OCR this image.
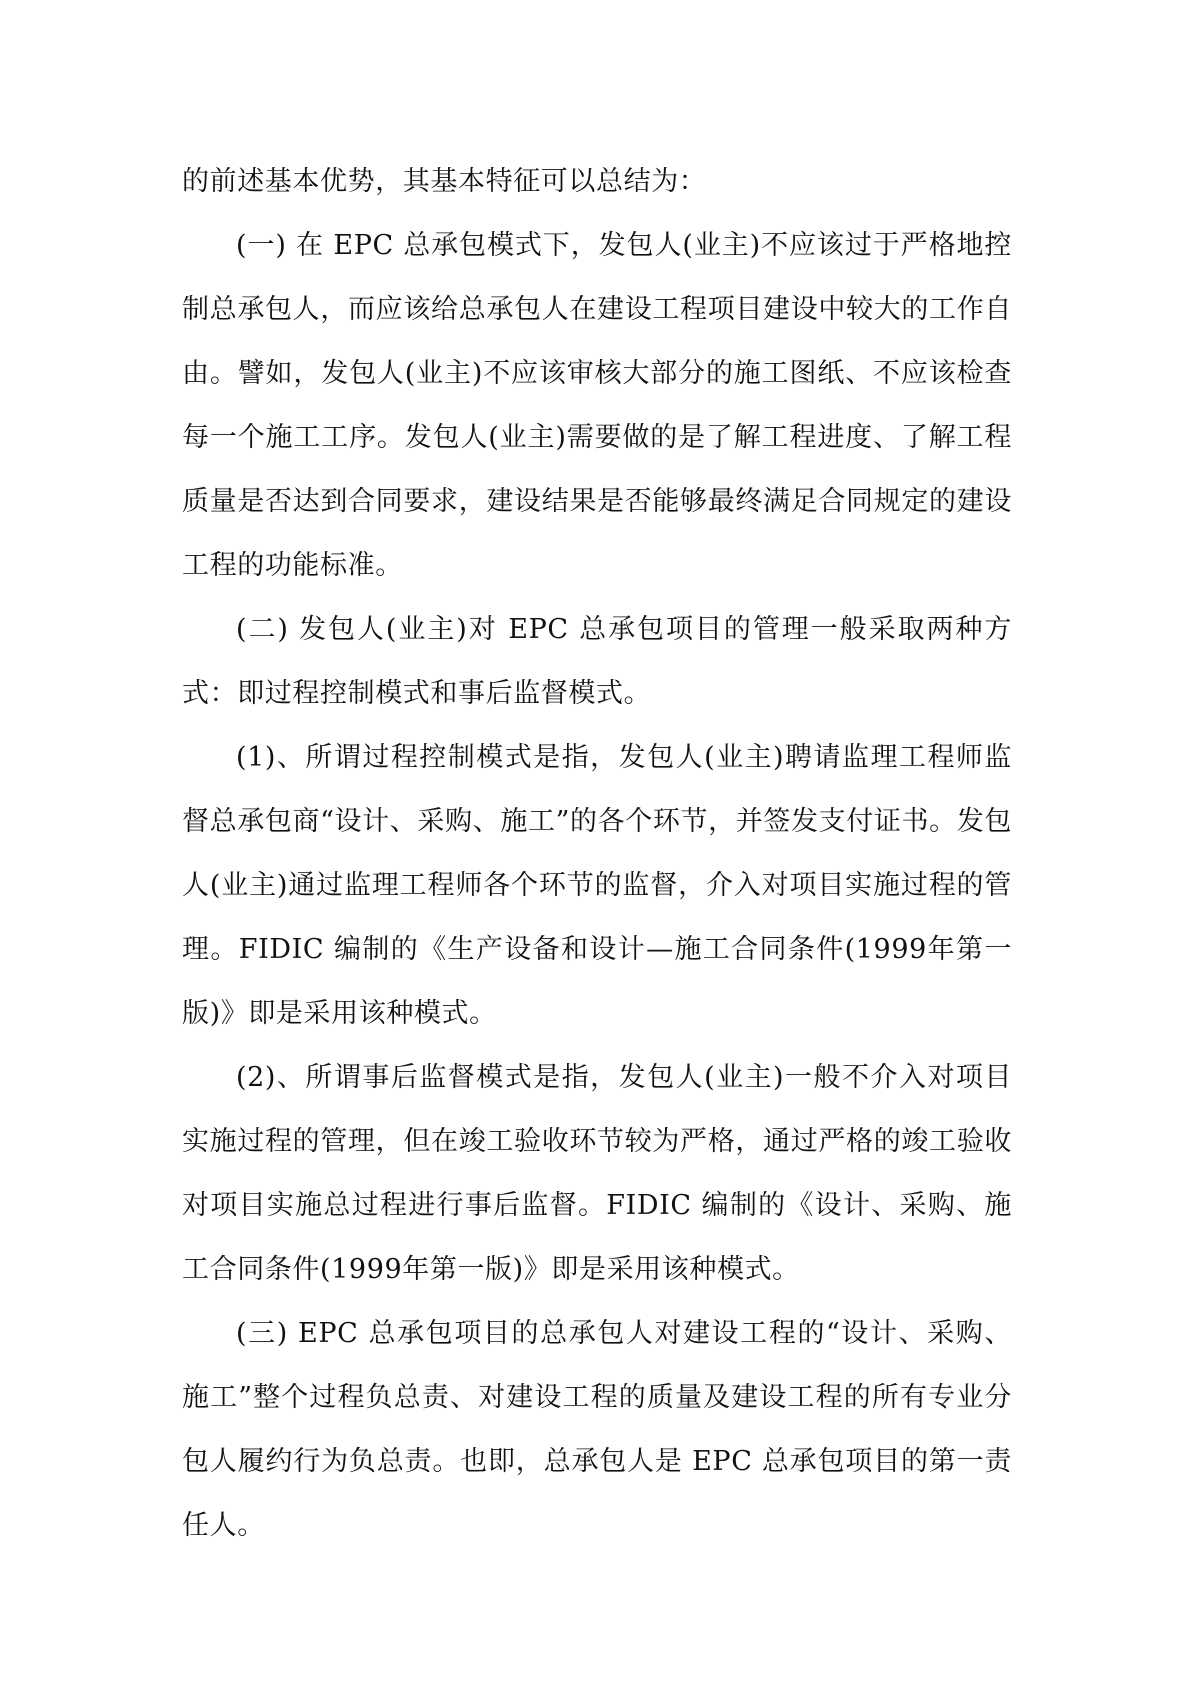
的前述基本优势，其基本特征可以总结为：

(一) 在 EPC 总承包模式下，发包人(业主)不应该过于严格地控制总承包人，而应该给总承包人在建设工程项目建设中较大的工作自由。譬如，发包人(业主)不应该审核大部分的施工图纸、不应该检查每一个施工工序。发包人(业主)需要做的是了解工程进度、了解工程质量是否达到合同要求，建设结果是否能够最终满足合同规定的建设工程的功能标准。

(二) 发包人(业主)对 EPC 总承包项目的管理一般采取两种方式：即过程控制模式和事后监督模式。

(1)、所谓过程控制模式是指，发包人(业主)聘请监理工程师监督总承包商“设计、采购、施工”的各个环节，并签发支付证书。发包人(业主)通过监理工程师各个环节的监督，介入对项目实施过程的管理。FIDIC 编制的《生产设备和设计—施工合同条件(1999年第一版)》即是采用该种模式。

(2)、所谓事后监督模式是指，发包人(业主)一般不介入对项目实施过程的管理，但在竣工验收环节较为严格，通过严格的竣工验收对项目实施总过程进行事后监督。FIDIC 编制的《设计、采购、施工合同条件(1999年第一版)》即是采用该种模式。

(三) EPC 总承包项目的总承包人对建设工程的“设计、采购、施工”整个过程负总责、对建设工程的质量及建设工程的所有专业分包人履约行为负总责。也即，总承包人是 EPC 总承包项目的第一责任人。
